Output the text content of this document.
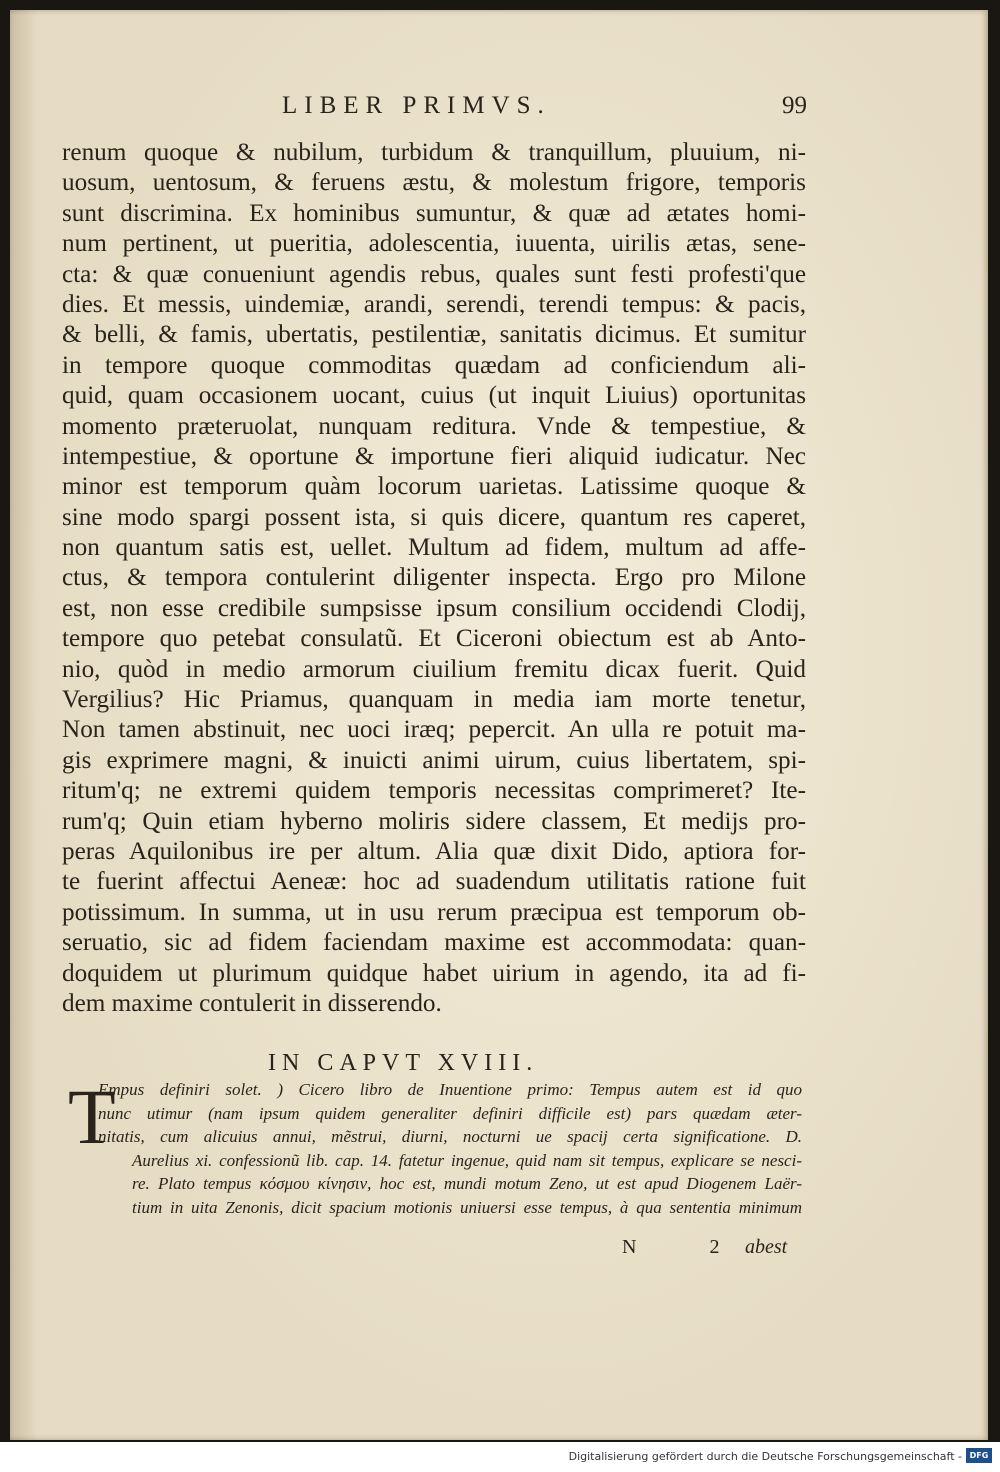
LIBER PRIMVS.	99
renum quoque & nubilum, turbidum & tranquillum, pluuium, ni-
uosum, uentosum, & feruens æstu, & molestum frigore, temporis
sunt discrimina. Ex hominibus sumuntur, & quæ ad ætates homi-
num pertinent, ut pueritia, adolescentia, iuuenta, uirilis ætas, sene-
cta: & quæ conueniunt agendis rebus, quales sunt festi profesti'que
dies. Et messis, uindemiæ, arandi, serendi, terendi tempus: & pacis,
& belli, & famis, ubertatis, pestilentiæ, sanitatis dicimus. Et sumitur
in tempore quoque commoditas quædam ad conficiendum ali-
quid, quam occasionem uocant, cuius (ut inquit Liuius) oportunitas
momento præteruolat, nunquam reditura. Vnde & tempestiue, &
intempestiue, & oportune & importune fieri aliquid iudicatur. Nec
minor est temporum quàm locorum uarietas. Latissime quoque &
sine modo spargi possent ista, si quis dicere, quantum res caperet,
non quantum satis est, uellet. Multum ad fidem, multum ad affe-
ctus, & tempora contulerint diligenter inspecta. Ergo pro Milone
est, non esse credibile sumpsisse ipsum consilium occidendi Clodij,
tempore quo petebat consulatũ. Et Ciceroni obiectum est ab Anto-
nio, quòd in medio armorum ciuilium fremitu dicax fuerit. Quid
Vergilius? Hic Priamus, quanquam in media iam morte tenetur,
Non tamen abstinuit, nec uoci iræq; pepercit. An ulla re potuit ma-
gis exprimere magni, & inuicti animi uirum, cuius libertatem, spi-
ritum'q; ne extremi quidem temporis necessitas comprimeret? Ite-
rum'q; Quin etiam hyberno moliris sidere classem, Et medijs pro-
peras Aquilonibus ire per altum. Alia quæ dixit Dido, aptiora for-
te fuerint affectui Aeneæ: hoc ad suadendum utilitatis ratione fuit
potissimum. In summa, ut in usu rerum præcipua est temporum ob-
seruatio, sic ad fidem faciendam maxime est accommodata: quan-
doquidem ut plurimum quidque habet uirium in agendo, ita ad fi-
dem maxime contulerit in disserendo.
IN CAPVT XVIII.
T
Empus definiri solet. ) Cicero libro de Inuentione primo: Tempus autem est id quo
nunc utimur (nam ipsum quidem generaliter definiri difficile est) pars quædam æter-
nitatis, cum alicuius annui, mẽstrui, diurni, nocturni ue spacij certa significatione. D.
Aurelius xi. confessionũ lib. cap. 14. fatetur ingenue, quid nam sit tempus, explicare se nesci-
re. Plato tempus κόσμου κίνησιν, hoc est, mundi motum Zeno, ut est apud Diogenem Laër-
tium in uita Zenonis, dicit spacium motionis uniuersi esse tempus, à qua sententia minimum
N 2
abest
Digitalisierung gefördert durch die Deutsche Forschungsgemeinschaft - DFG
